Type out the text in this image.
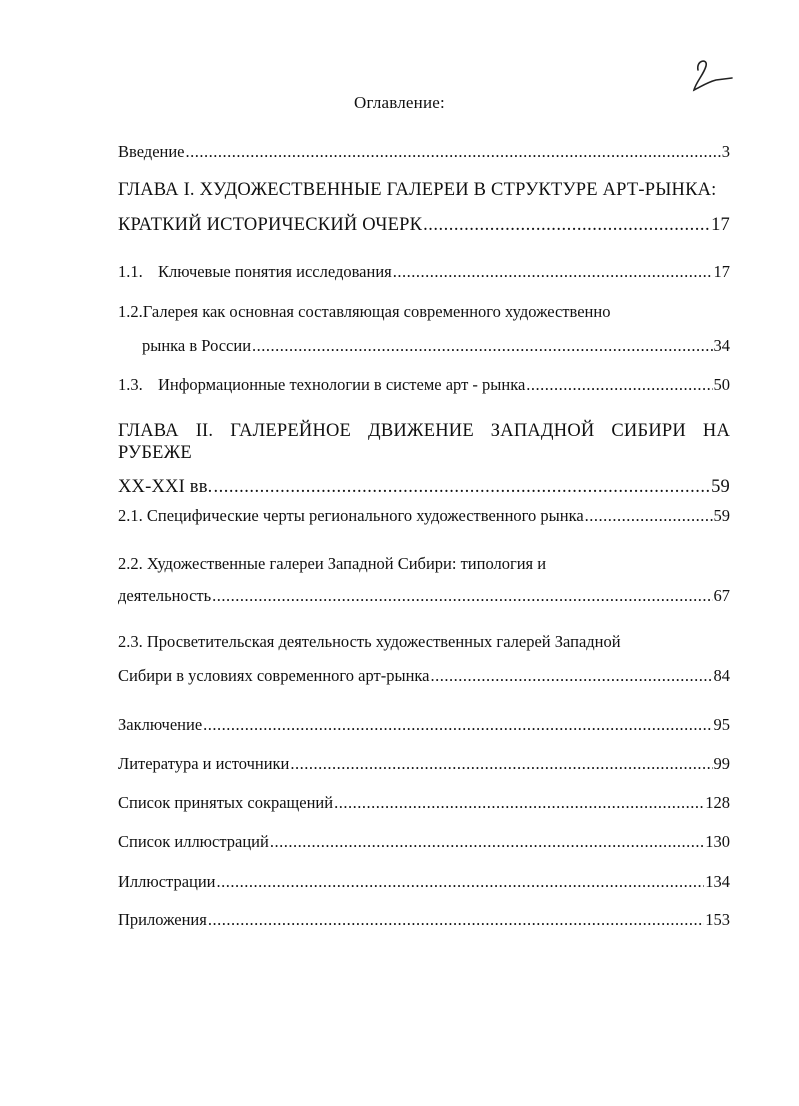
Оглавление:
Введение .....	3
ГЛАВА I. ХУДОЖЕСТВЕННЫЕ ГАЛЕРЕИ В СТРУКТУРЕ АРТ-РЫНКА:
КРАТКИЙ ИСТОРИЧЕСКИЙ ОЧЕРК .....	17
1.1. Ключевые понятия исследования .....	17
1.2. Галерея как основная составляющая современного художественно
рынка в России .....	34
1.3. Информационные технологии в системе арт - рынка .....	50
ГЛАВА II. ГАЛЕРЕЙНОЕ ДВИЖЕНИЕ ЗАПАДНОЙ СИБИРИ НА РУБЕЖЕ
XX-XXI вв. .....	59
2.1. Специфические черты регионального художественного рынка .....	59
2.2. Художественные галереи Западной Сибири: типология и
деятельность .....	67
2.3. Просветительская деятельность художественных галерей Западной
Сибири в условиях современного арт-рынка .....	84
Заключение .....	95
Литература и источники .....	99
Список принятых сокращений .....	128
Список иллюстраций .....	130
Иллюстрации .....	134
Приложения .....	153
